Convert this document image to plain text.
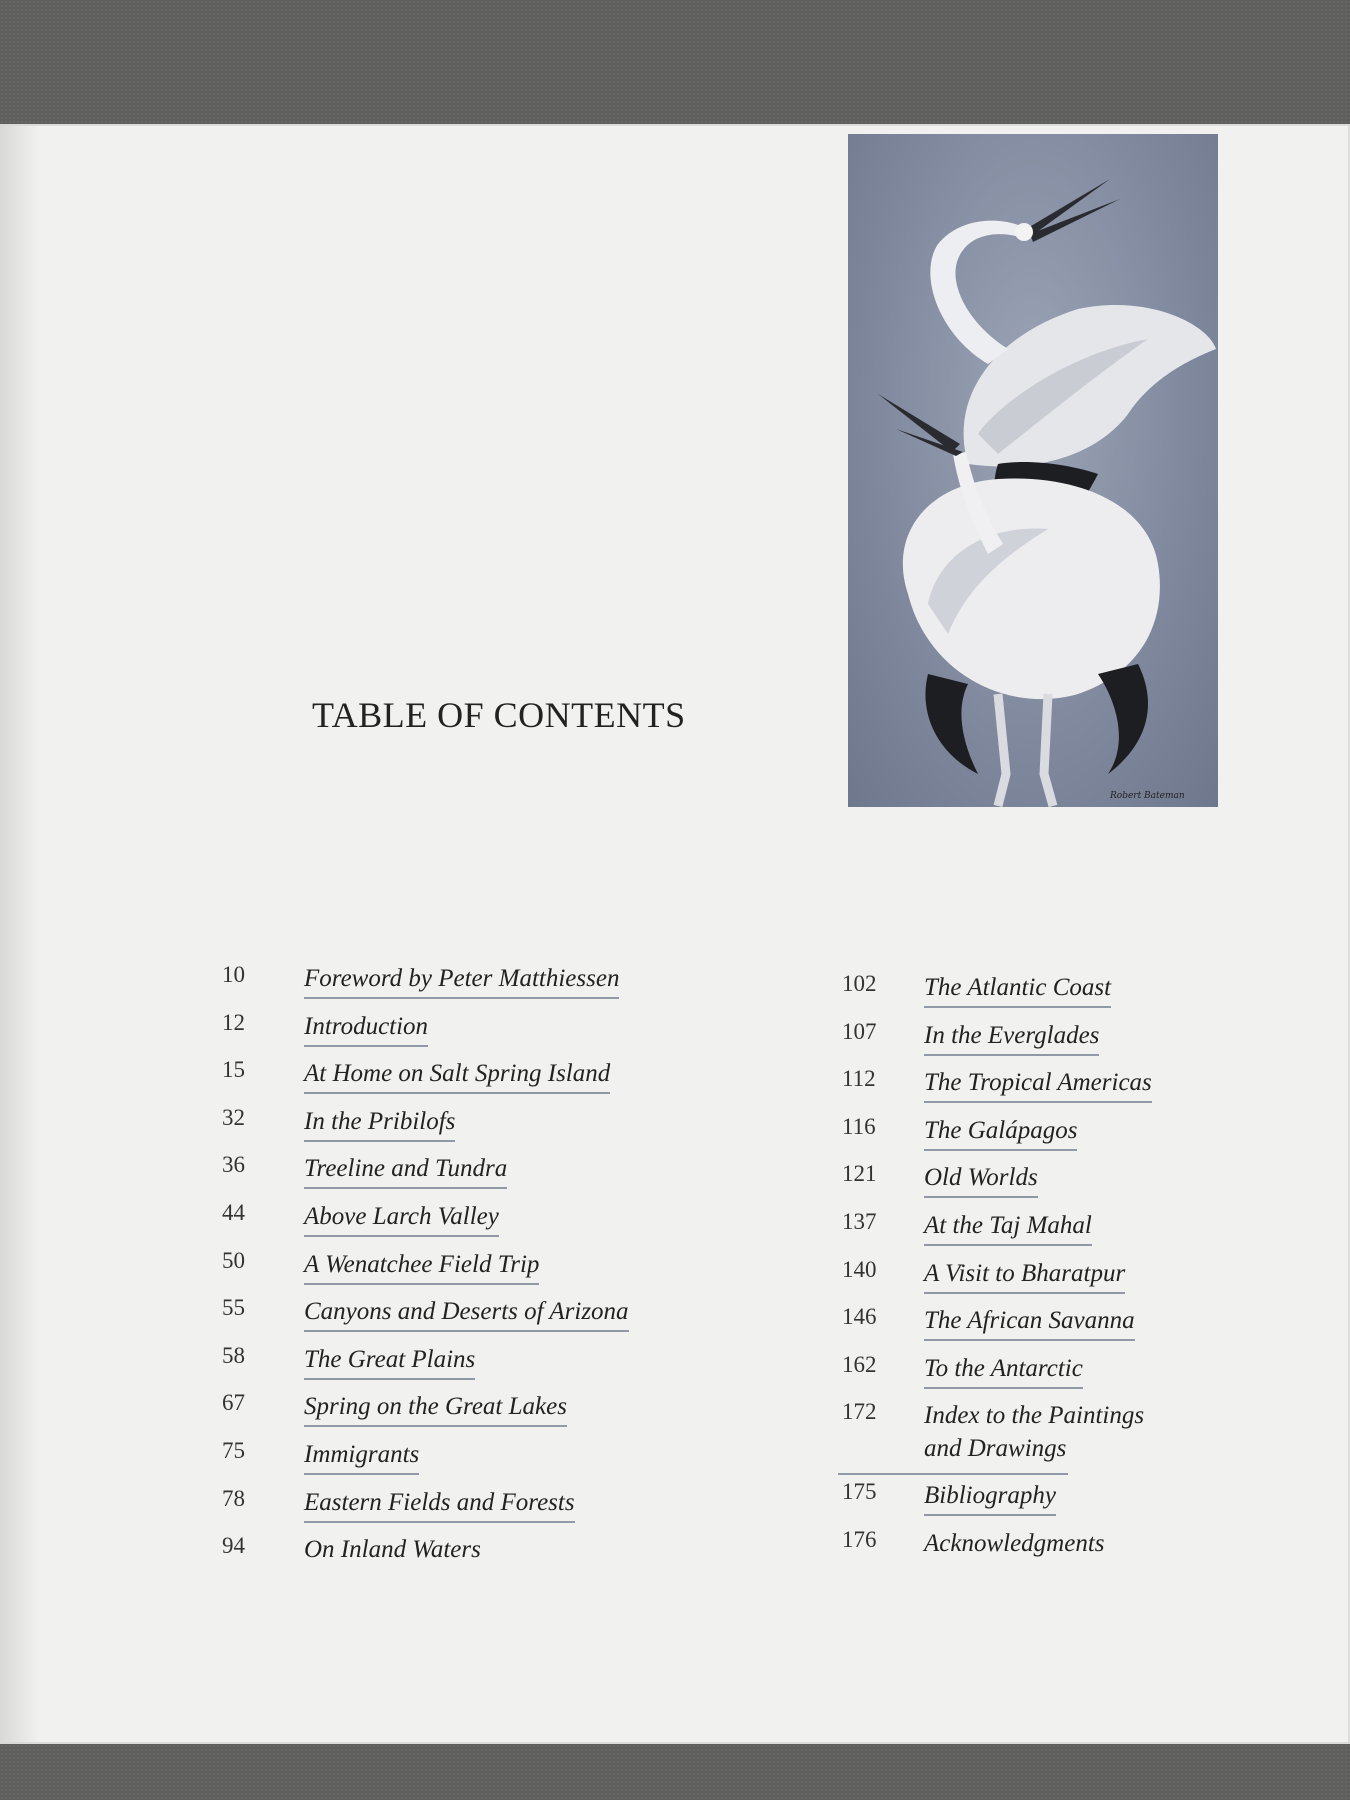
Robert Bateman
TABLE OF CONTENTS
10 Foreword by Peter Matthiessen
12 Introduction
15 At Home on Salt Spring Island
32 In the Pribilofs
36 Treeline and Tundra
44 Above Larch Valley
50 A Wenatchee Field Trip
55 Canyons and Deserts of Arizona
58 The Great Plains
67 Spring on the Great Lakes
75 Immigrants
78 Eastern Fields and Forests
94 On Inland Waters
102 The Atlantic Coast
107 In the Everglades
112 The Tropical Americas
116 The Galápagos
121 Old Worlds
137 At the Taj Mahal
140 A Visit to Bharatpur
146 The African Savanna
162 To the Antarctic
172 Index to the Paintings and Drawings
175 Bibliography
176 Acknowledgments
